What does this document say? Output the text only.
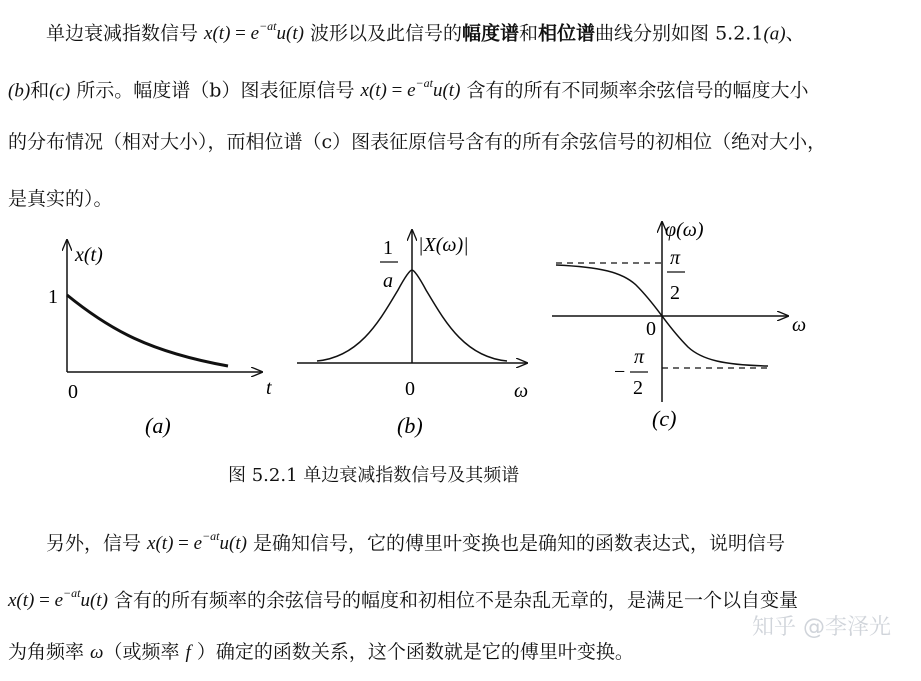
单边衰减指数信号 $x(t) = e^{-at}u(t)$ 波形以及此信号的幅度谱和相位谱曲线分别如图 5.2.1(a)、
(b)和(c) 所示。幅度谱（b）图表征原信号 $x(t) = e^{-at}u(t)$ 含有的所有不同频率余弦信号的幅度大小
的分布情况（相对大小），而相位谱（c）图表征原信号含有的所有余弦信号的初相位（绝对大小，
是真实的）。
x(t)
1
0	t
(a)
1
a
|X(ω)|
0	ω
(b)
φ(ω)
π
2
0	ω
−
π
2
(c)
图 5.2.1 单边衰减指数信号及其频谱
另外，信号 $x(t) = e^{-at}u(t)$ 是确知信号，它的傅里叶变换也是确知的函数表达式，说明信号
$x(t) = e^{-at}u(t)$ 含有的所有频率的余弦信号的幅度和初相位不是杂乱无章的，是满足一个以自变量
为角频率 ω（或频率 f ）确定的函数关系，这个函数就是它的傅里叶变换。
知乎 @李泽光
